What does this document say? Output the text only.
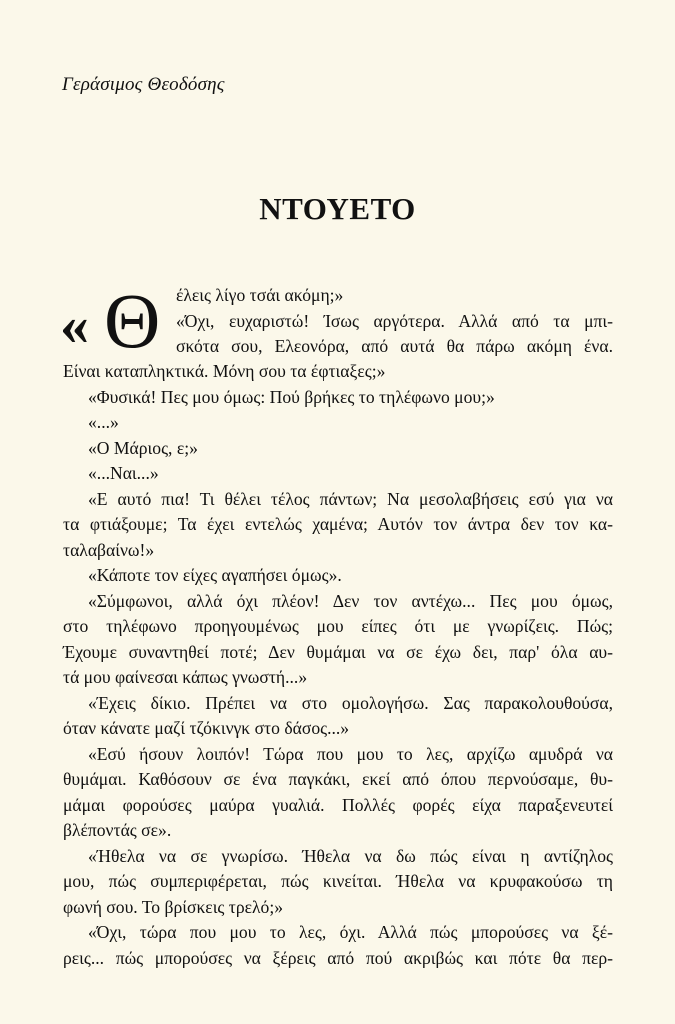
Γεράσιμος Θεοδόσης
ΝΤΟΥΕΤΟ
« Θ έλεις λίγο τσάι ακόμη;»
«Όχι, ευχαριστώ! Ίσως αργότερα. Αλλά από τα μπι-
σκότα σου, Ελεονόρα, από αυτά θα πάρω ακόμη ένα.
Είναι καταπληκτικά. Μόνη σου τα έφτιαξες;»
«Φυσικά! Πες μου όμως: Πού βρήκες το τηλέφωνο μου;»
«...»
«Ο Μάριος, ε;»
«...Ναι...»
«Ε αυτό πια! Τι θέλει τέλος πάντων; Να μεσολαβήσεις εσύ για να
τα φτιάξουμε; Τα έχει εντελώς χαμένα; Αυτόν τον άντρα δεν τον κα-
ταλαβαίνω!»
«Κάποτε τον είχες αγαπήσει όμως».
«Σύμφωνοι, αλλά όχι πλέον! Δεν τον αντέχω... Πες μου όμως,
στο τηλέφωνο προηγουμένως μου είπες ότι με γνωρίζεις. Πώς;
Έχουμε συναντηθεί ποτέ; Δεν θυμάμαι να σε έχω δει, παρ' όλα αυ-
τά μου φαίνεσαι κάπως γνωστή...»
«Έχεις δίκιο. Πρέπει να στο ομολογήσω. Σας παρακολουθούσα,
όταν κάνατε μαζί τζόκινγκ στο δάσος...»
«Εσύ ήσουν λοιπόν! Τώρα που μου το λες, αρχίζω αμυδρά να
θυμάμαι. Καθόσουν σε ένα παγκάκι, εκεί από όπου περνούσαμε, θυ-
μάμαι φορούσες μαύρα γυαλιά. Πολλές φορές είχα παραξενευτεί
βλέποντάς σε».
«Ήθελα να σε γνωρίσω. Ήθελα να δω πώς είναι η αντίζηλος
μου, πώς συμπεριφέρεται, πώς κινείται. Ήθελα να κρυφακούσω τη
φωνή σου. Το βρίσκεις τρελό;»
«Όχι, τώρα που μου το λες, όχι. Αλλά πώς μπορούσες να ξέ-
ρεις... πώς μπορούσες να ξέρεις από πού ακριβώς και πότε θα περ-
